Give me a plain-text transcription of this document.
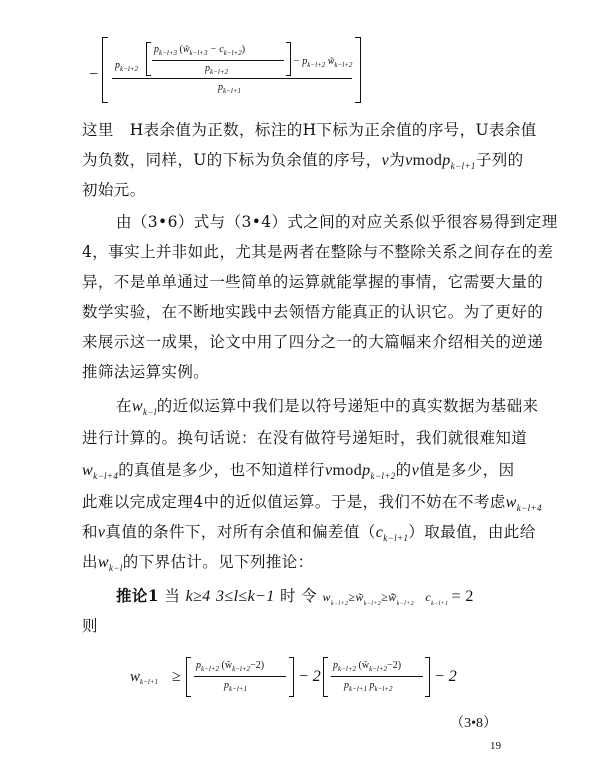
−
$p_{k-l+2}$
$p_{k-l+3}$ $(w̃_{k-l+3} - c_{k-l+2})$
$p_{k-l+2}$
− $p_{k-l+2}$ $w̃_{k-l+2}$
$p_{k-l+1}$
这里　H表余值为正数，标注的H下标为正余值的序号，U表余值
为负数，同样，U的下标为负余值的序号，v为vmodp$_{k-l+1}$子列的
初始元。
由（3•6）式与（3•4）式之间的对应关系似乎很容易得到定理
4，事实上并非如此，尤其是两者在整除与不整除关系之间存在的差
异，不是单单通过一些简单的运算就能掌握的事情，它需要大量的
数学实验，在不断地实践中去领悟方能真正的认识它。为了更好的
来展示这一成果，论文中用了四分之一的大篇幅来介绍相关的逆递
推筛法运算实例。
在$w_{k-l}$的近似运算中我们是以符号递矩中的真实数据为基础来
进行计算的。换句话说：在没有做符号递矩时，我们就很难知道
$w_{k-l+4}$的真值是多少，也不知道样行vmodp$_{k-l+2}$的v值是多少，因
此难以完成定理4中的近似值运算。于是，我们不妨在不考虑$w_{k-l+4}$
和v真值的条件下，对所有余值和偏差值$(c_{k-l+1})$取最值，由此给
出$w_{k-l}$的下界估计。见下列推论：
推论1 当 k≥4 3≤l≤k−1 时 令 $w_{k-l+2}\ge w̃_{k-l+2}\ge w̃̃_{k-l+2}$ $c_{k-l+1} = 2$
则
$w_{k-l+1}$ ≥
$p_{k-l+2}$ $(w̃_{k-l+2}-2)$
$p_{k-l+1}$
− 2
$p_{k-l+2}$ $(w̃_{k-l+2}-2)$
$p_{k-l+1}$ $p_{k-l+2}$
− 2
（3•8）
19
